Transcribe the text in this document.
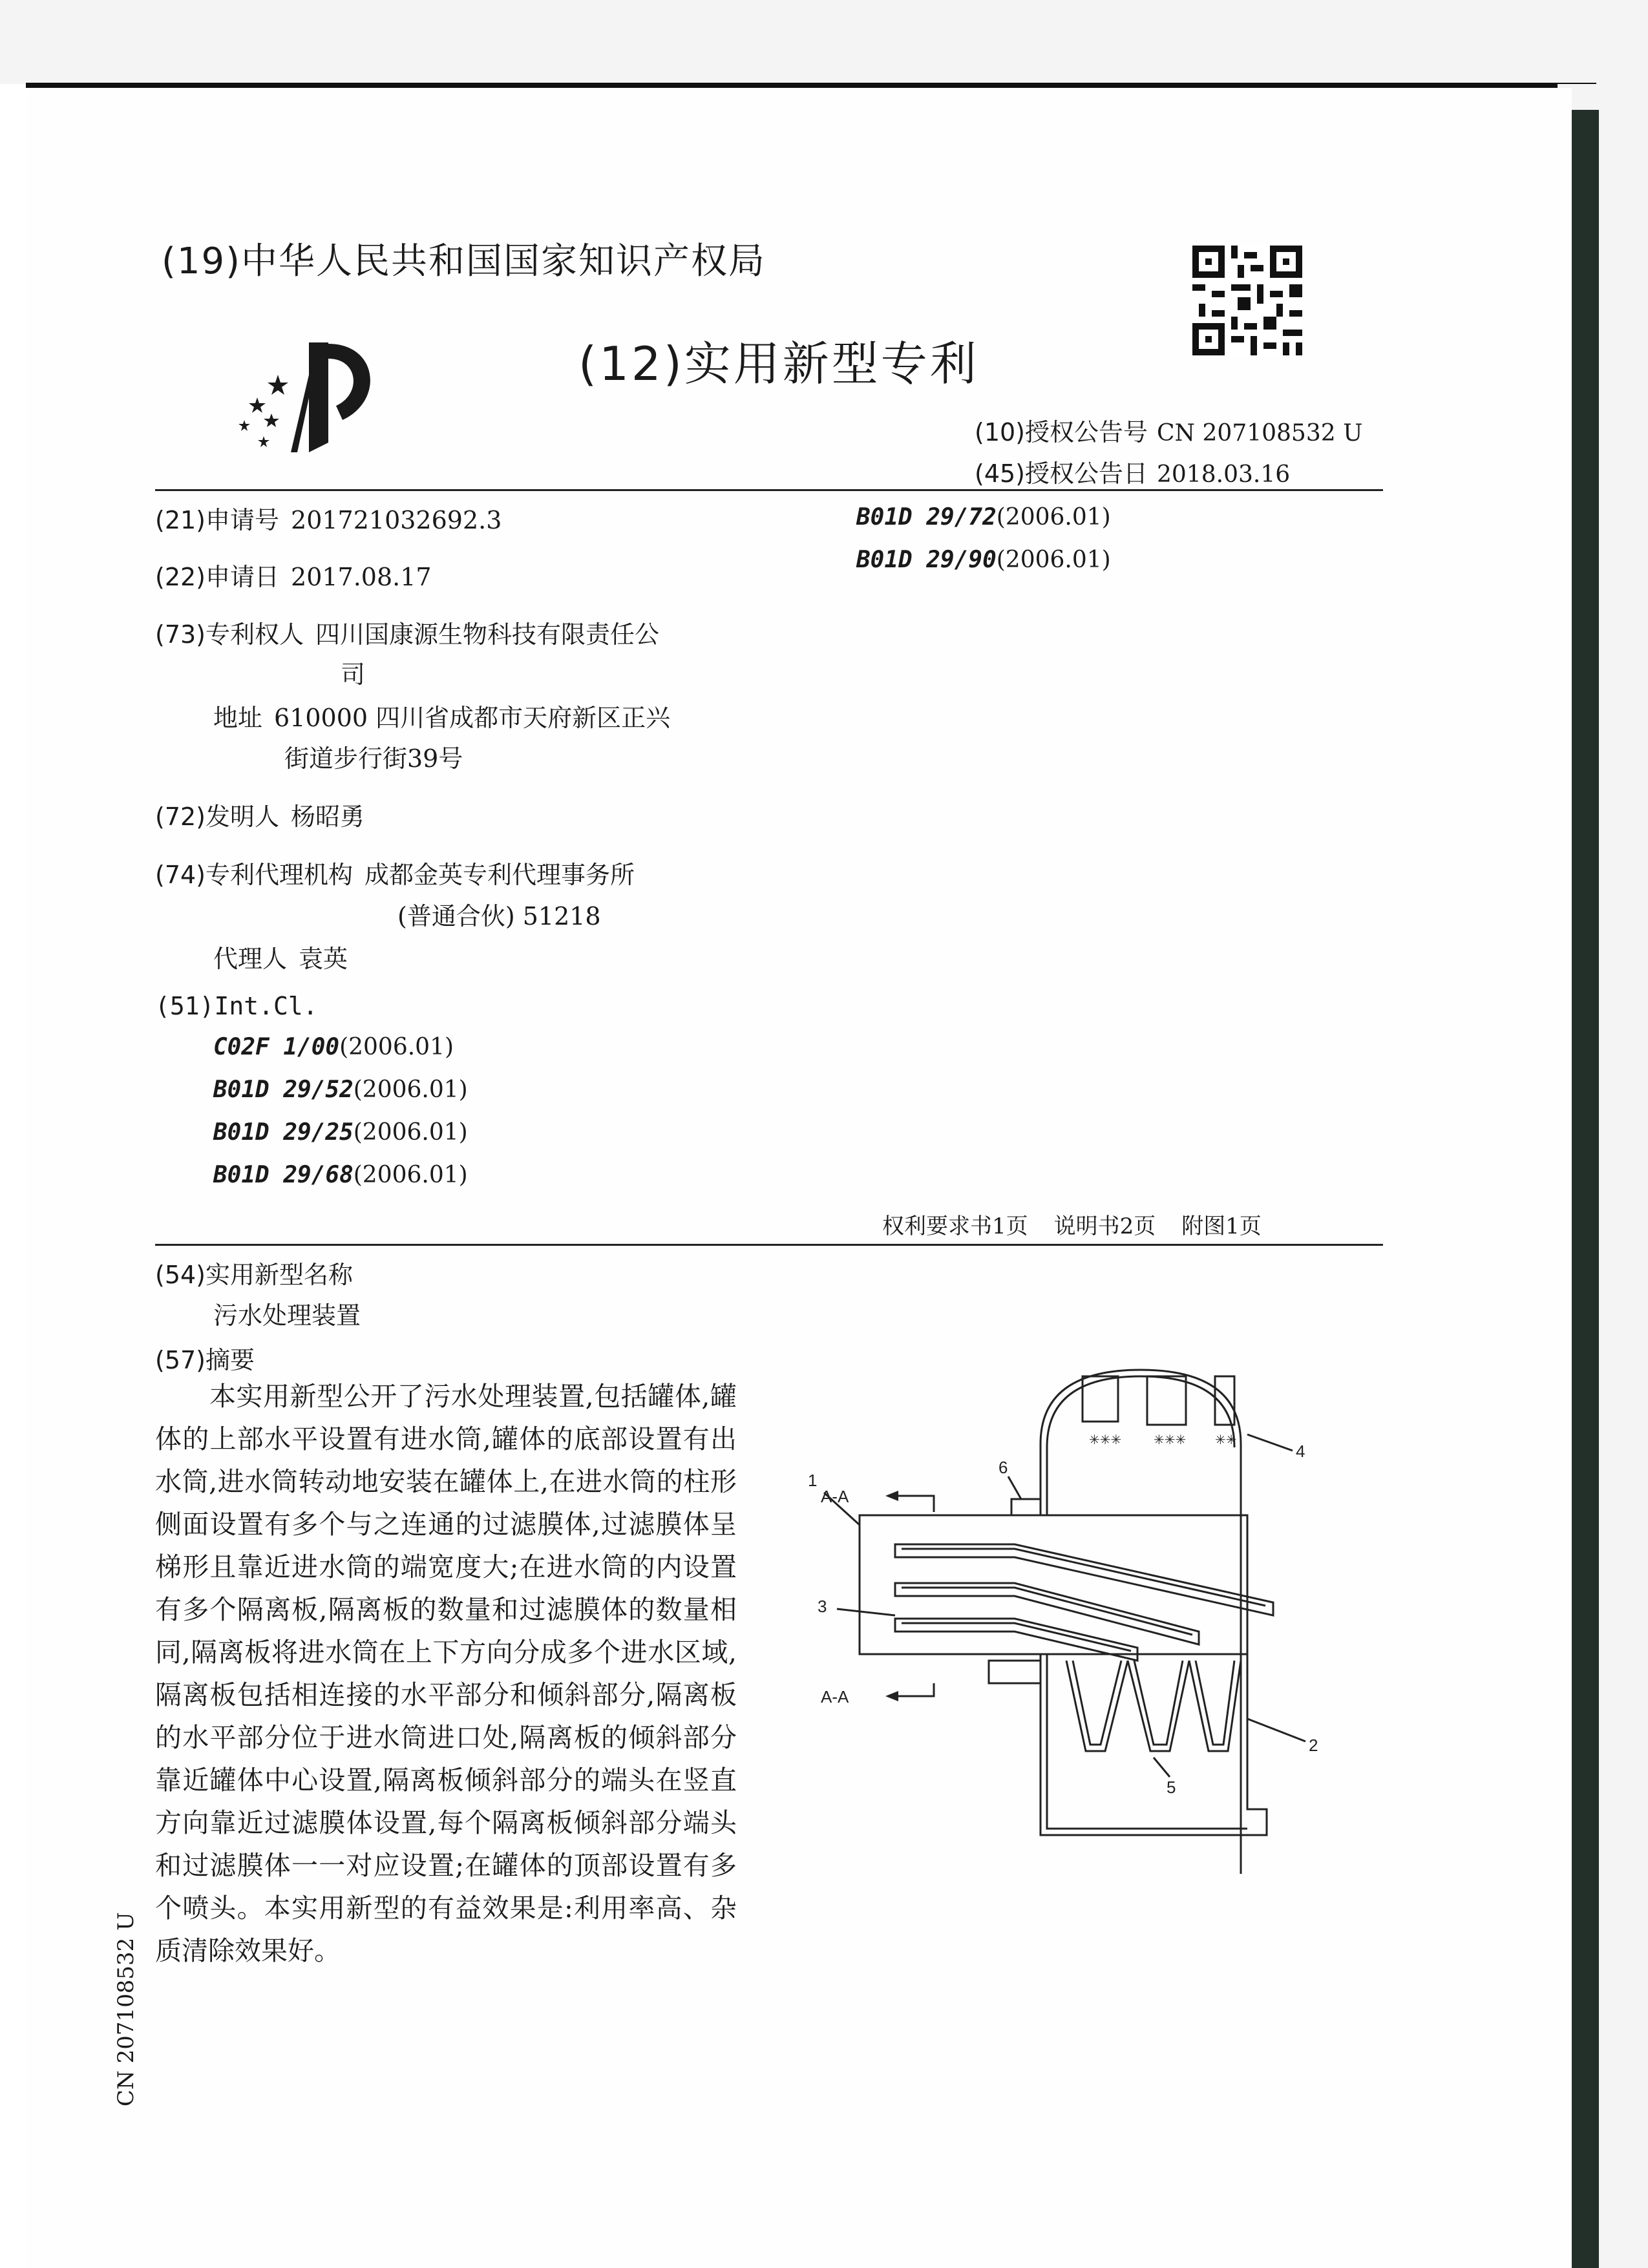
(19)中华人民共和国国家知识产权局
(12)实用新型专利
(10)授权公告号 CN 207108532 U
(45)授权公告日 2018.03.16
(21)申请号 201721032692.3
(22)申请日 2017.08.17
(73)专利权人 四川国康源生物科技有限责任公
司
地址 610000 四川省成都市天府新区正兴
街道步行街39号
(72)发明人 杨昭勇
(74)专利代理机构 成都金英专利代理事务所
(普通合伙) 51218
代理人 袁英
(51)Int.Cl.
C02F 1/00(2006.01)
B01D 29/52(2006.01)
B01D 29/25(2006.01)
B01D 29/68(2006.01)
B01D 29/72(2006.01)
B01D 29/90(2006.01)
权利要求书1页 说明书2页 附图1页
(54)实用新型名称
污水处理装置
(57)摘要
本实用新型公开了污水处理装置,包括罐体,罐体的上部水平设置有进水筒,罐体的底部设置有出水筒,进水筒转动地安装在罐体上,在进水筒的柱形侧面设置有多个与之连通的过滤膜体,过滤膜体呈梯形且靠近进水筒的端宽度大;在进水筒的内设置有多个隔离板,隔离板的数量和过滤膜体的数量相同,隔离板将进水筒在上下方向分成多个进水区域,隔离板包括相连接的水平部分和倾斜部分,隔离板的水平部分位于进水筒进口处,隔离板的倾斜部分靠近罐体中心设置,隔离板倾斜部分的端头在竖直方向靠近过滤膜体设置,每个隔离板倾斜部分端头和过滤膜体一一对应设置;在罐体的顶部设置有多个喷头。本实用新型的有益效果是:利用率高、杂质清除效果好。
CN 207108532 U
✳✳✳ ✳✳✳ ✳✳
A-A
A-A
1
2
3
4
5
6
